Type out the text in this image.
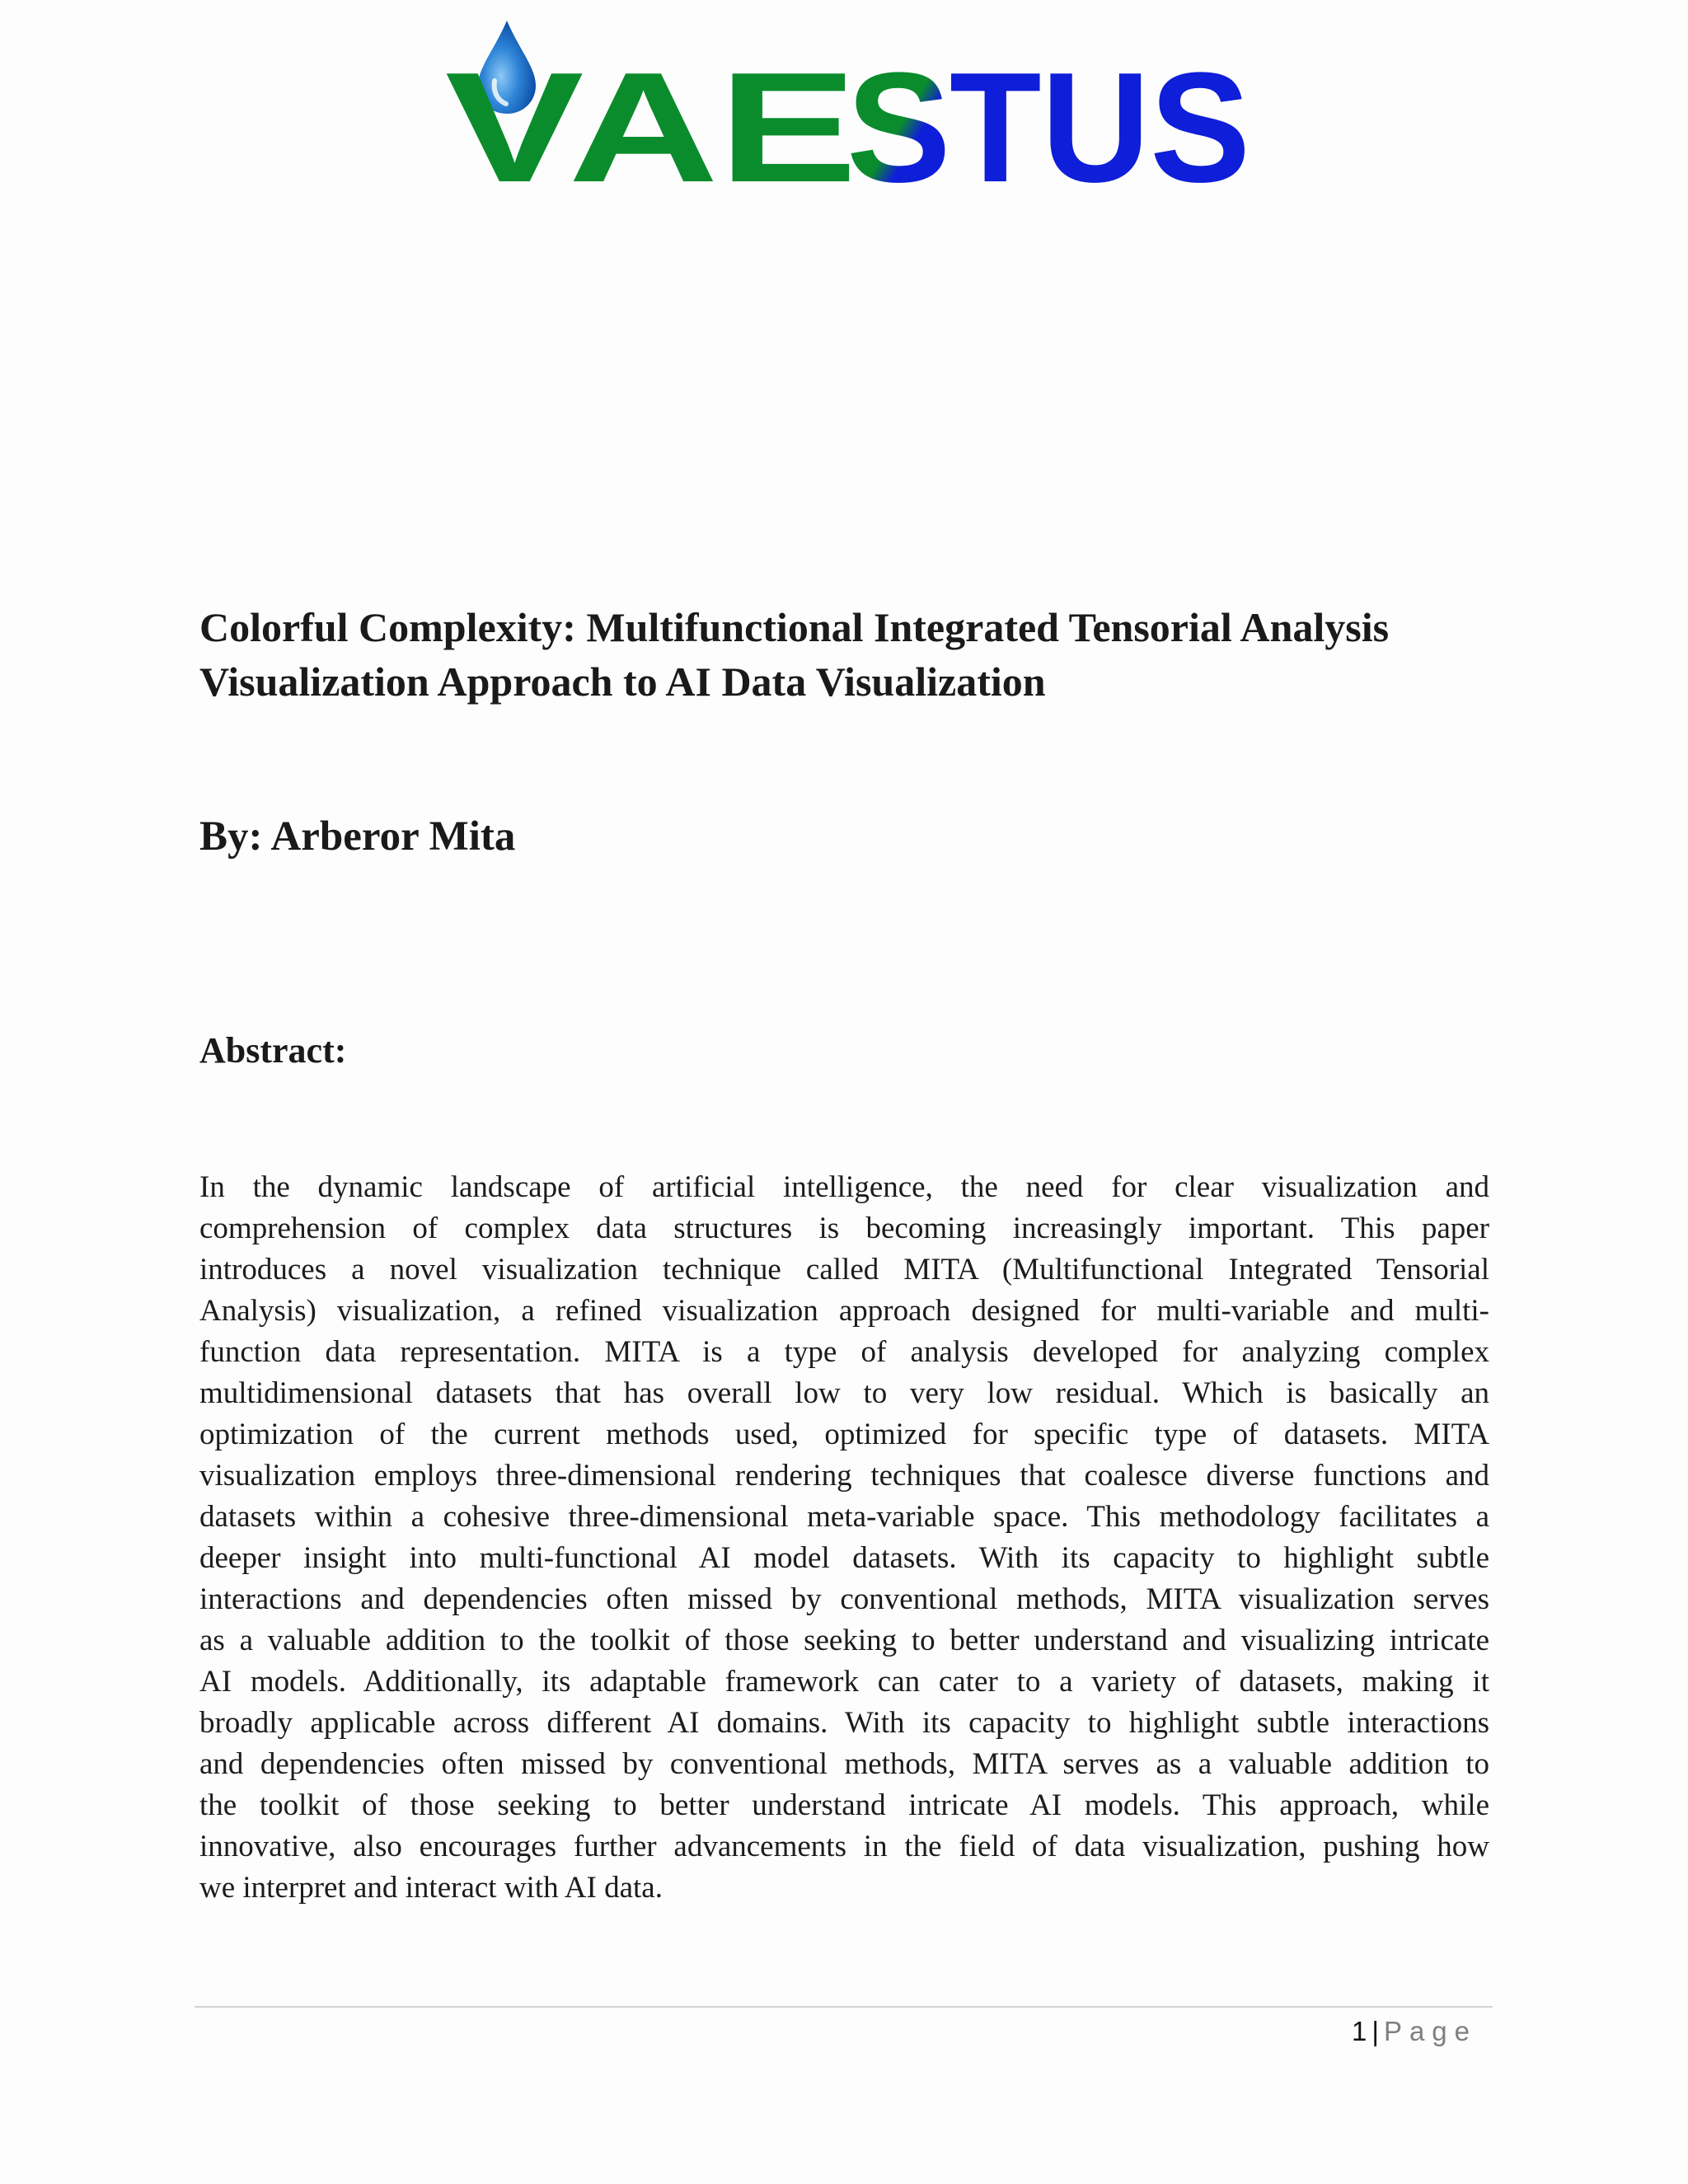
VAE
S
TUS
Colorful Complexity: Multifunctional Integrated Tensorial Analysis
Visualization Approach to AI Data Visualization
By: Arberor Mita
Abstract:
In the dynamic landscape of artificial intelligence, the need for clear visualization and
comprehension of complex data structures is becoming increasingly important. This paper
introduces a novel visualization technique called MITA (Multifunctional Integrated Tensorial
Analysis) visualization, a refined visualization approach designed for multi-variable and multi-
function data representation. MITA is a type of analysis developed for analyzing complex
multidimensional datasets that has overall low to very low residual. Which is basically an
optimization of the current methods used, optimized for specific type of datasets. MITA
visualization employs three-dimensional rendering techniques that coalesce diverse functions and
datasets within a cohesive three-dimensional meta-variable space. This methodology facilitates a
deeper insight into multi-functional AI model datasets. With its capacity to highlight subtle
interactions and dependencies often missed by conventional methods, MITA visualization serves
as a valuable addition to the toolkit of those seeking to better understand and visualizing intricate
AI models. Additionally, its adaptable framework can cater to a variety of datasets, making it
broadly applicable across different AI domains. With its capacity to highlight subtle interactions
and dependencies often missed by conventional methods, MITA serves as a valuable addition to
the toolkit of those seeking to better understand intricate AI models. This approach, while
innovative, also encourages further advancements in the field of data visualization, pushing how
we interpret and interact with AI data.
1 | Page
